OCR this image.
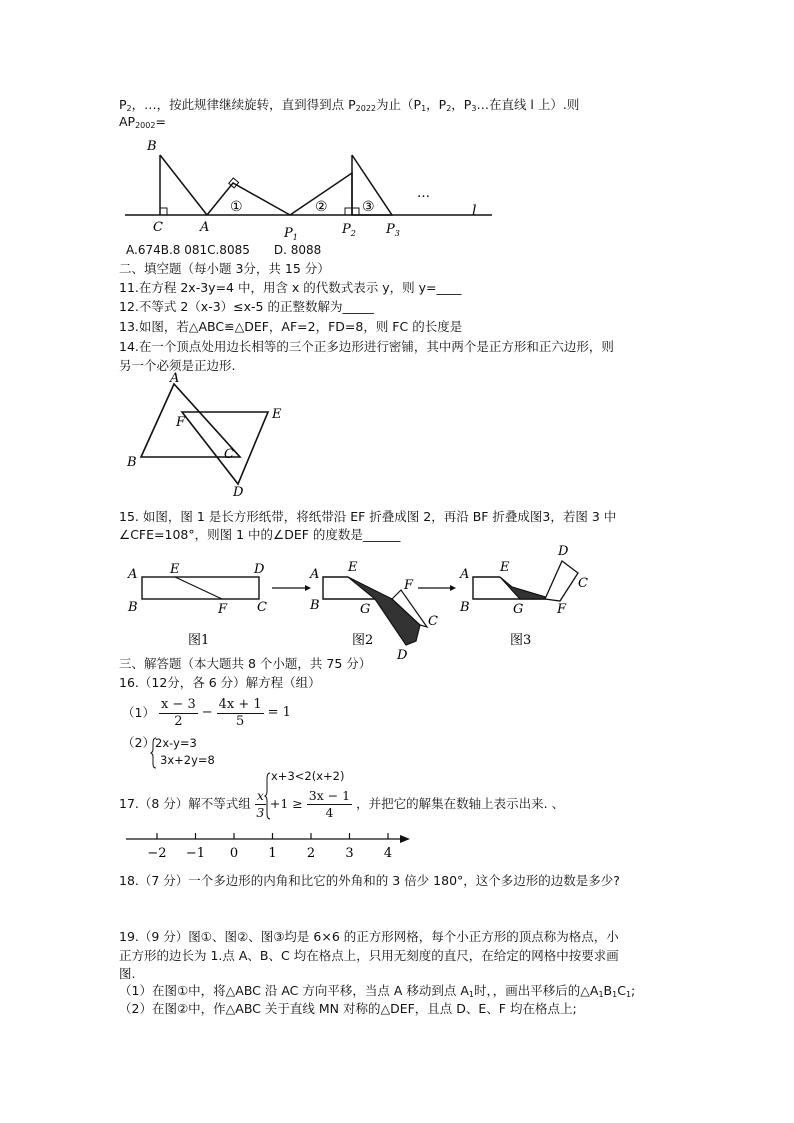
$P_2$，…，按此规律继续旋转，直到得到点 $P_{2022}$为止（$P_1$，$P_2$，$P_3\dots$在直线 l 上）.则
$AP_{2002}=$
B
C	A
①	② ③
…
l
$P_1$
$P_2$ $P_3$
A.674B.8 081C.8085 D. 8088
二、填空题（每小题 3分，共 15 分）
11.在方程 2x-3y=4 中，用含 x 的代数式表示 y，则 y=____
12.不等式 2（x-3）≤x-5 的正整数解为_____
13.如图，若△ABC≌△DEF，AF=2，FD=8，则 FC 的长度是
14.在一个顶点处用边长相等的三个正多边形进行密铺，其中两个是正方形和正六边形，则
另一个必须是正边形.
A
B
C
D
E
F
15. 如图，图 1 是长方形纸带，将纸带沿 EF 折叠成图 2，再沿 BF 折叠成图3，若图 3 中
∠CFE=108°，则图 1 中的∠DEF 的度数是______
A
B
E	D
F C
图1
A
B
E
G
F
C
D
图2
A
B
E
G	F
D
C
图3
三、解答题（本大题共 8 个小题，共 75 分）
16.（12分，各 6 分）解方程（组）
$(1) \frac{x - 3}{2} - \frac{4x + 1}{5} = 1$
（2） 2x-y=3
3x+2y=8
x+3<2(x+2)
17.（8 分）解不等式组 $\frac{x}{3} +1 \ge \frac{3x - 1}{4}$ ，并把它的解集在数轴上表示出来. 、
−2 −1 0 1 2 3 4
18.（7 分）一个多边形的内角和比它的外角和的 3 倍少 180°，这个多边形的边数是多少?
19.（9 分）图①、图②、图③均是 6×6 的正方形网格，每个小正方形的顶点称为格点，小
正方形的边长为 1.点 A、B、C 均在格点上，只用无刻度的直尺，在给定的网格中按要求画
图.
（1）在图①中，将△ABC 沿 AC 方向平移，当点 A 移动到点 $A_1$时，，画出平移后的$\triangle A_1B_1C_1$;
（2）在图②中，作△ABC 关于直线 MN 对称的△DEF，且点 D、E、F 均在格点上;
